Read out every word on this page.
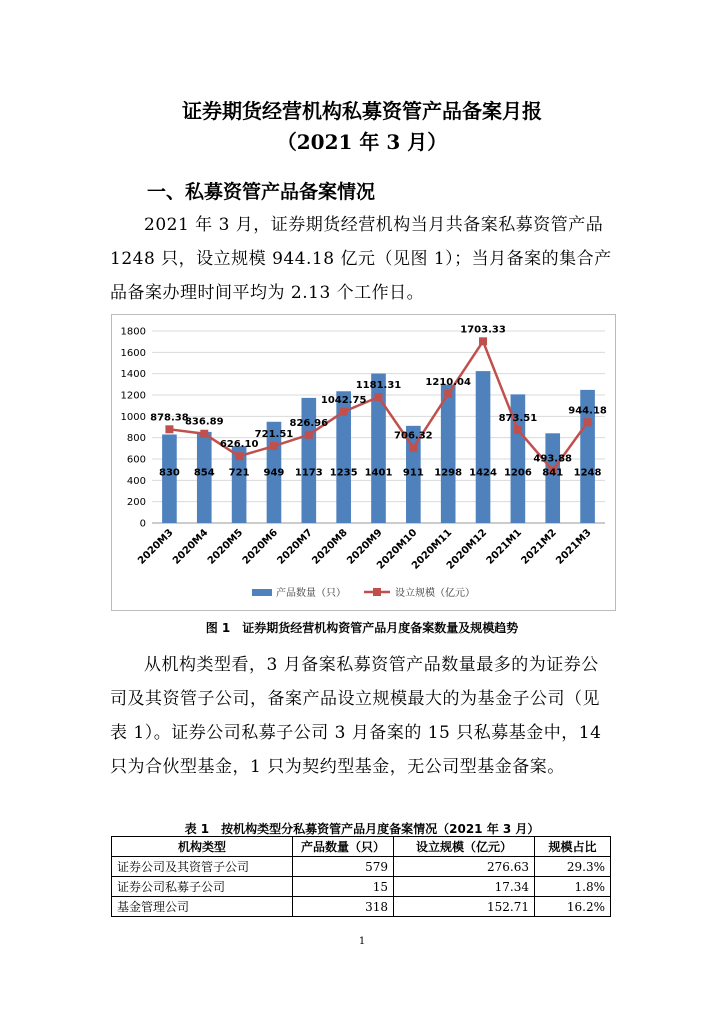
证券期货经营机构私募资管产品备案月报
（2021 年 3 月）
一、私募资管产品备案情况
2021 年 3 月，证券期货经营机构当月共备案私募资管产品 1248 只，设立规模 944.18 亿元（见图 1）；当月备案的集合产品备案办理时间平均为 2.13 个工作日。
0
200
400
600
800
1000
1200
1400
1600
1800
830 854 721 949 1173 1235 1401 911 1298 1424 1206 841 1248
878.38
836.89
626.10
721.51
826.96
1042.75
1181.31
706.32
1210.04
1703.33
873.51
493.88
944.18
2020M3
2020M4
2020M5
2020M6
2020M7
2020M8
2020M9
2020M10
2020M11
2020M12
2021M1
2021M2
2021M3
产品数量（只）	设立规模（亿元）
图 1　证券期货经营机构资管产品月度备案数量及规模趋势
从机构类型看，3 月备案私募资管产品数量最多的为证券公司及其资管子公司，备案产品设立规模最大的为基金子公司（见表 1）。证券公司私募子公司 3 月备案的 15 只私募基金中，14 只为合伙型基金，1 只为契约型基金，无公司型基金备案。
表 1　按机构类型分私募资管产品月度备案情况（2021 年 3 月）
机构类型	产品数量（只）	设立规模（亿元）	规模占比
证券公司及其资管子公司	579	276.63	29.3%
证券公司私募子公司	15	17.34	1.8%
基金管理公司	318	152.71	16.2%
1
